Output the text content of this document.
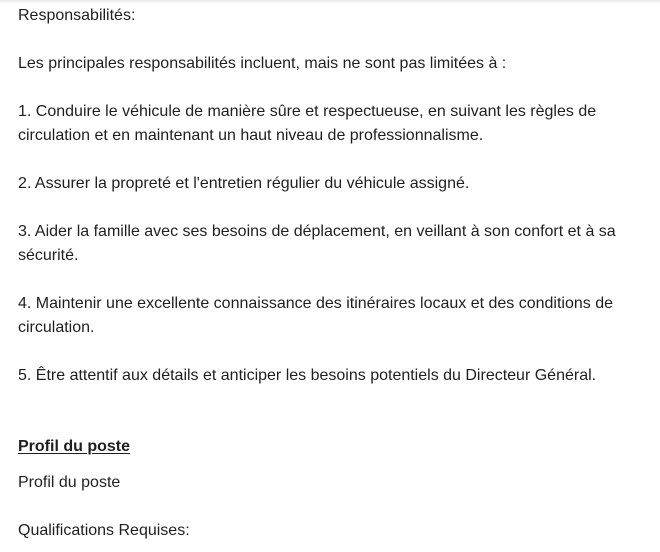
Responsabilités:

Les principales responsabilités incluent, mais ne sont pas limitées à :

1. Conduire le véhicule de manière sûre et respectueuse, en suivant les règles de circulation et en maintenant un haut niveau de professionnalisme.

2. Assurer la propreté et l'entretien régulier du véhicule assigné.

3. Aider la famille avec ses besoins de déplacement, en veillant à son confort et à sa sécurité.

4. Maintenir une excellente connaissance des itinéraires locaux et des conditions de circulation.

5. Être attentif aux détails et anticiper les besoins potentiels du Directeur Général.

Profil du poste

Profil du poste

Qualifications Requises:
